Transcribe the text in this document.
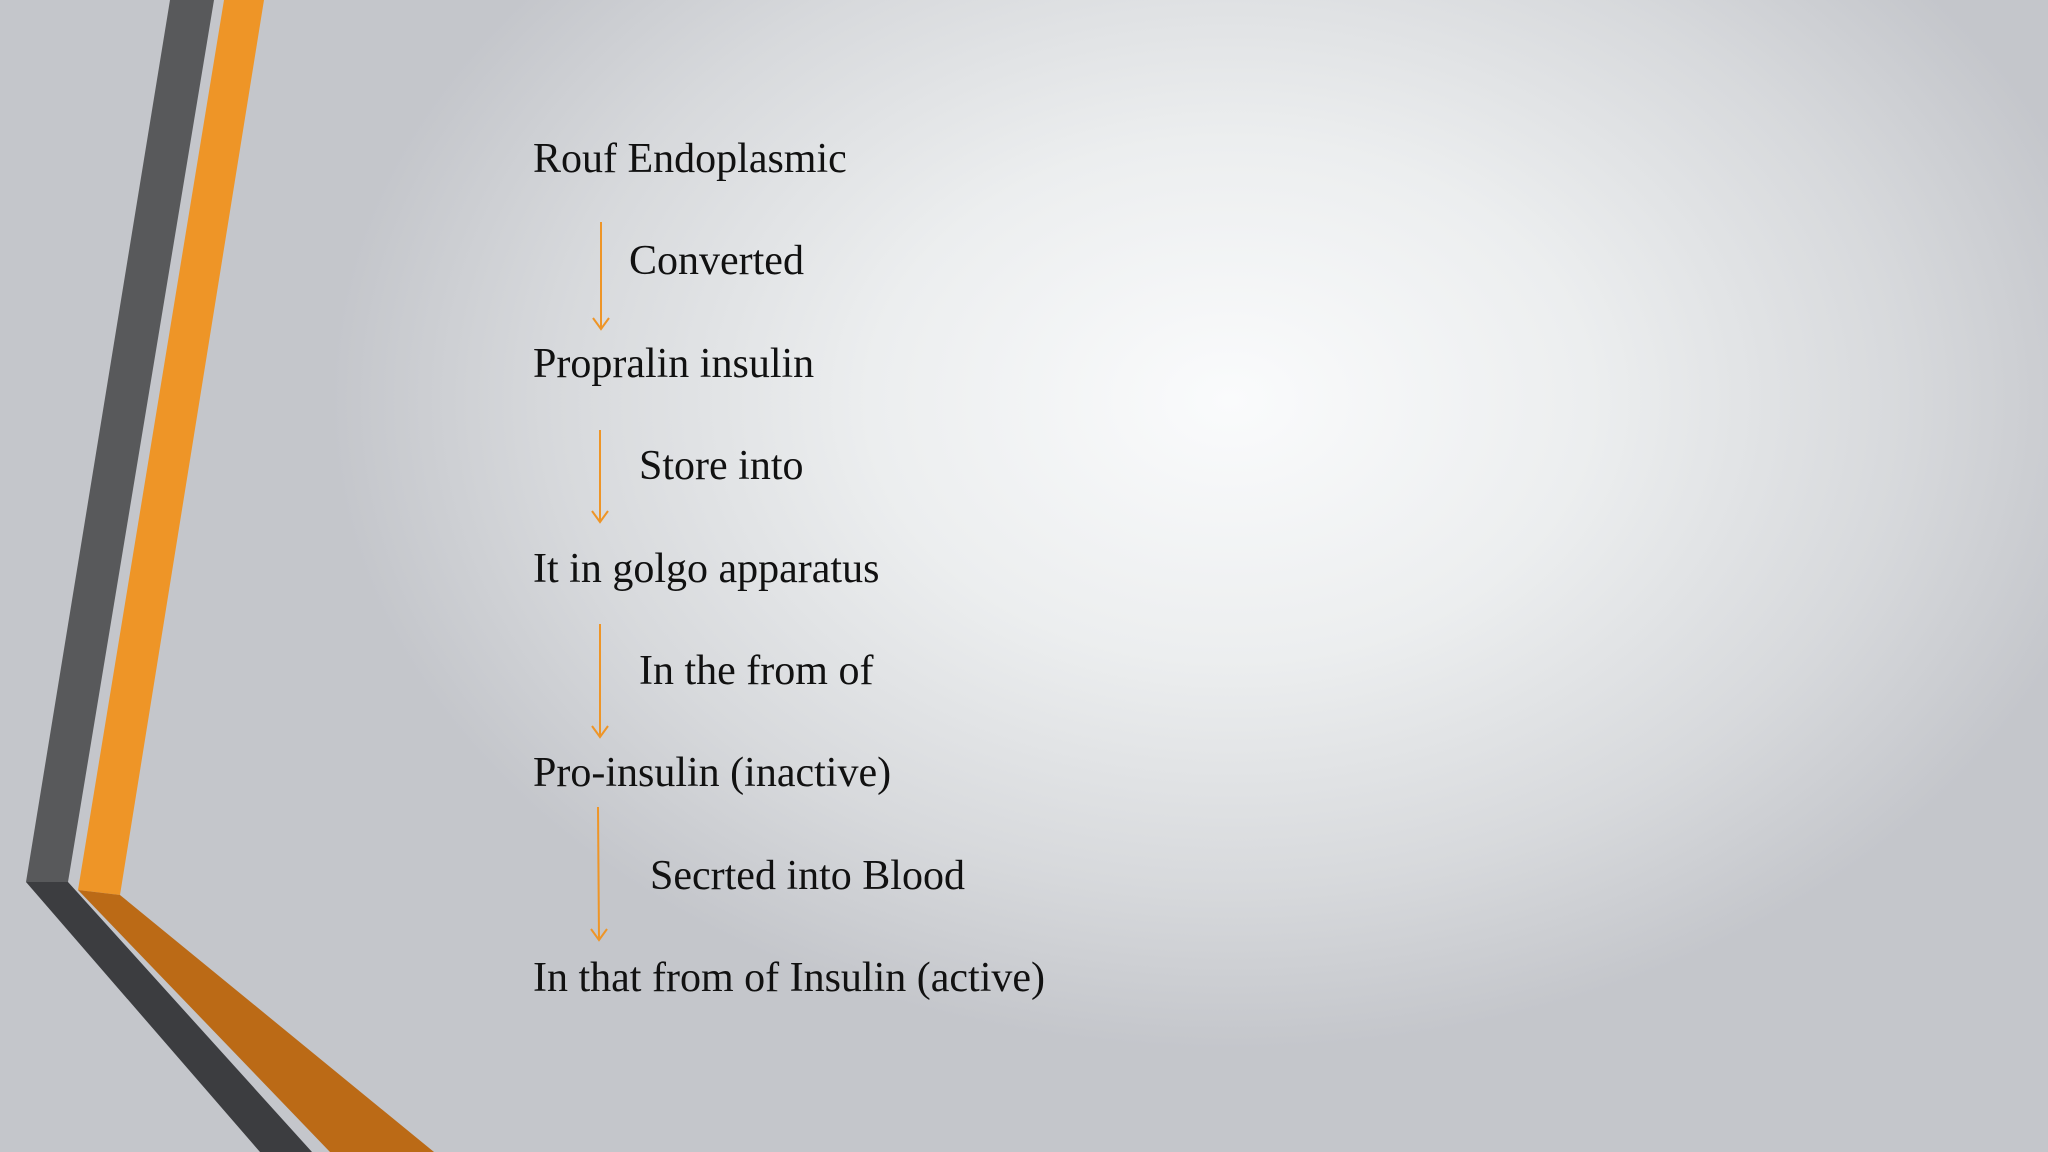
Rouf Endoplasmic

Propralin insulin

It in golgo apparatus

Pro-insulin (inactive)

In that from of Insulin (active)

Converted

Store into

In the from of

Secrted into Blood
